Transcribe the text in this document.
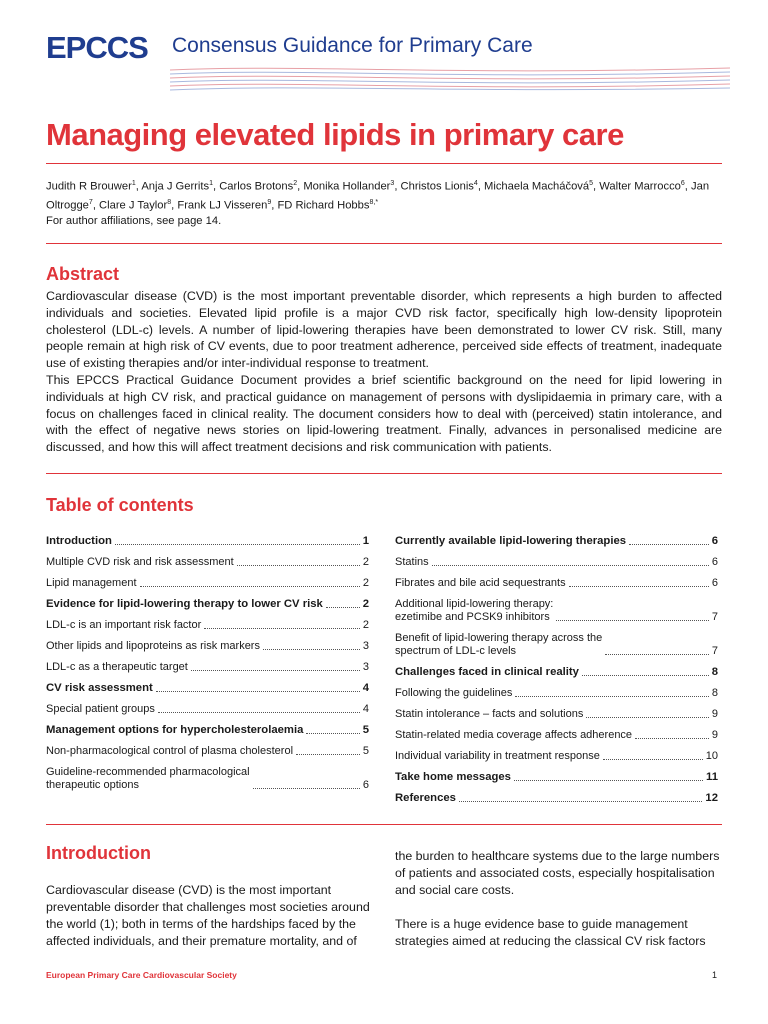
EPCCS Consensus Guidance for Primary Care
Managing elevated lipids in primary care
Judith R Brouwer$^1$, Anja J Gerrits$^1$, Carlos Brotons$^2$, Monika Hollander$^3$, Christos Lionis$^4$, Michaela Macháčová$^5$, Walter Marrocco$^6$, Jan Oltrogge$^7$, Clare J Taylor$^8$, Frank LJ Visseren$^9$, FD Richard Hobbs$^{8,*}$
For author affiliations, see page 14.
Abstract

Cardiovascular disease (CVD) is the most important preventable disorder, which represents a high burden to affected individuals and societies. Elevated lipid profile is a major CVD risk factor, specifically high low-density lipoprotein cholesterol (LDL-c) levels. A number of lipid-lowering therapies have been demonstrated to lower CV risk. Still, many people remain at high risk of CV events, due to poor treatment adherence, perceived side effects of treatment, inadequate use of existing therapies and/or inter-individual response to treatment.

This EPCCS Practical Guidance Document provides a brief scientific background on the need for lipid lowering in individuals at high CV risk, and practical guidance on management of persons with dyslipidaemia in primary care, with a focus on challenges faced in clinical reality. The document considers how to deal with (perceived) statin intolerance, and with the effect of negative news stories on lipid-lowering treatment. Finally, advances in personalised medicine are discussed, and how this will affect treatment decisions and risk communication with patients.

Table of contents
Introduction	1
Multiple CVD risk and risk assessment	2
Lipid management	2
Evidence for lipid-lowering therapy to lower CV risk	2
LDL-c is an important risk factor	2
Other lipids and lipoproteins as risk markers	3
LDL-c as a therapeutic target	3
CV risk assessment	4
Special patient groups	4
Management options for hypercholesterolaemia	5
Non-pharmacological control of plasma cholesterol	5
Guideline-recommended pharmacological
therapeutic options	6
Currently available lipid-lowering therapies	6
Statins	6
Fibrates and bile acid sequestrants	6
Additional lipid-lowering therapy:
ezetimibe and PCSK9 inhibitors	7
Benefit of lipid-lowering therapy across the
spectrum of LDL-c levels	7
Challenges faced in clinical reality	8
Following the guidelines	8
Statin intolerance – facts and solutions	9
Statin-related media coverage affects adherence	9
Individual variability in treatment response	10
Take home messages	11
References	12
Introduction

Cardiovascular disease (CVD) is the most important preventable disorder that challenges most societies around the world (1); both in terms of the hardships faced by the affected individuals, and their premature mortality, and of

the burden to healthcare systems due to the large numbers of patients and associated costs, especially hospitalisation and social care costs.

There is a huge evidence base to guide management strategies aimed at reducing the classical CV risk factors

European Primary Care Cardiovascular Society	1
